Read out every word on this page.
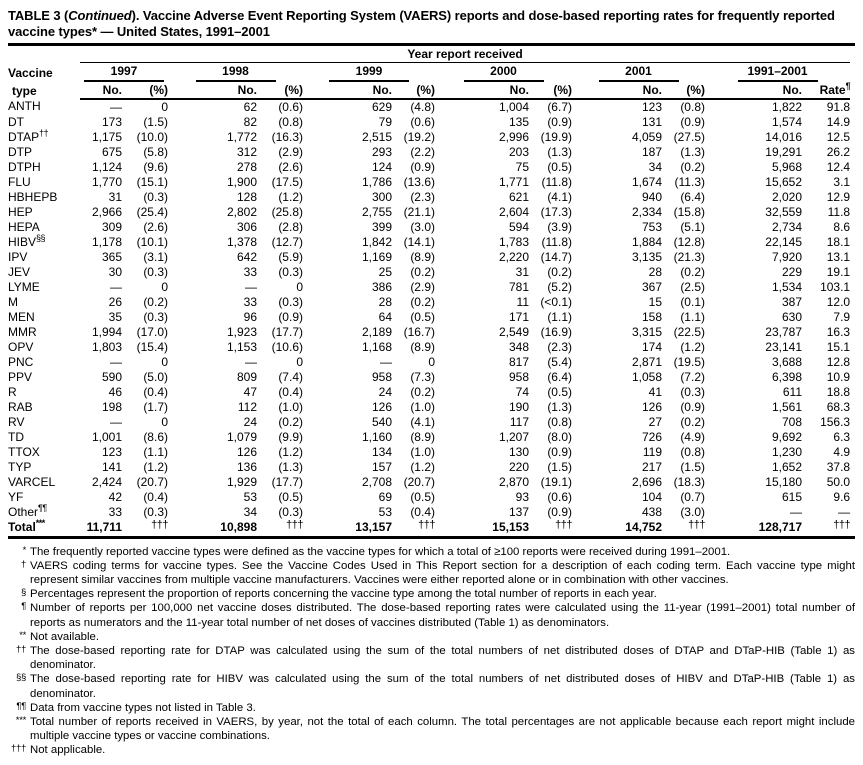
TABLE 3 (Continued). Vaccine Adverse Event Reporting System (VAERS) reports and dose-based reporting rates for frequently reported vaccine types* — United States, 1991–2001
	Year report received											

Vaccine
type	1997		1998		1999		2000		2001		1991–2001	
	No.	(%)	No.	(%)	No.	(%)	No.	(%)	No.	(%)	No.	Rate¶
ANTH	—	0	62	(0.6)	629	(4.8)	1,004	(6.7)	123	(0.8)	1,822	91.8
DT	173	(1.5)	82	(0.8)	79	(0.6)	135	(0.9)	131	(0.9)	1,574	14.9
DTAP††	1,175	(10.0)	1,772	(16.3)	2,515	(19.2)	2,996	(19.9)	4,059	(27.5)	14,016	12.5
DTP	675	(5.8)	312	(2.9)	293	(2.2)	203	(1.3)	187	(1.3)	19,291	26.2
DTPH	1,124	(9.6)	278	(2.6)	124	(0.9)	75	(0.5)	34	(0.2)	5,968	12.4
FLU	1,770	(15.1)	1,900	(17.5)	1,786	(13.6)	1,771	(11.8)	1,674	(11.3)	15,652	3.1
HBHEPB	31	(0.3)	128	(1.2)	300	(2.3)	621	(4.1)	940	(6.4)	2,020	12.9
HEP	2,966	(25.4)	2,802	(25.8)	2,755	(21.1)	2,604	(17.3)	2,334	(15.8)	32,559	11.8
HEPA	309	(2.6)	306	(2.8)	399	(3.0)	594	(3.9)	753	(5.1)	2,734	8.6
HIBV§§	1,178	(10.1)	1,378	(12.7)	1,842	(14.1)	1,783	(11.8)	1,884	(12.8)	22,145	18.1
IPV	365	(3.1)	642	(5.9)	1,169	(8.9)	2,220	(14.7)	3,135	(21.3)	7,920	13.1
JEV	30	(0.3)	33	(0.3)	25	(0.2)	31	(0.2)	28	(0.2)	229	19.1
LYME	—	0	—	0	386	(2.9)	781	(5.2)	367	(2.5)	1,534	103.1
M	26	(0.2)	33	(0.3)	28	(0.2)	11	(<0.1)	15	(0.1)	387	12.0
MEN	35	(0.3)	96	(0.9)	64	(0.5)	171	(1.1)	158	(1.1)	630	7.9
MMR	1,994	(17.0)	1,923	(17.7)	2,189	(16.7)	2,549	(16.9)	3,315	(22.5)	23,787	16.3
OPV	1,803	(15.4)	1,153	(10.6)	1,168	(8.9)	348	(2.3)	174	(1.2)	23,141	15.1
PNC	—	0	—	0	—	0	817	(5.4)	2,871	(19.5)	3,688	12.8
PPV	590	(5.0)	809	(7.4)	958	(7.3)	958	(6.4)	1,058	(7.2)	6,398	10.9
R	46	(0.4)	47	(0.4)	24	(0.2)	74	(0.5)	41	(0.3)	611	18.8
RAB	198	(1.7)	112	(1.0)	126	(1.0)	190	(1.3)	126	(0.9)	1,561	68.3
RV	—	0	24	(0.2)	540	(4.1)	117	(0.8)	27	(0.2)	708	156.3
TD	1,001	(8.6)	1,079	(9.9)	1,160	(8.9)	1,207	(8.0)	726	(4.9)	9,692	6.3
TTOX	123	(1.1)	126	(1.2)	134	(1.0)	130	(0.9)	119	(0.8)	1,230	4.9
TYP	141	(1.2)	136	(1.3)	157	(1.2)	220	(1.5)	217	(1.5)	1,652	37.8
VARCEL	2,424	(20.7)	1,929	(17.7)	2,708	(20.7)	2,870	(19.1)	2,696	(18.3)	15,180	50.0
YF	42	(0.4)	53	(0.5)	69	(0.5)	93	(0.6)	104	(0.7)	615	9.6
Other¶¶	33	(0.3)	34	(0.3)	53	(0.4)	137	(0.9)	438	(3.0)	—	—
Total***	11,711	†††	10,898	†††	13,157	†††	15,153	†††	14,752	†††	128,717	†††
* The frequently reported vaccine types were defined as the vaccine types for which a total of ≥100 reports were received during 1991–2001.
† VAERS coding terms for vaccine types. See the Vaccine Codes Used in This Report section for a description of each coding term. Each vaccine type might represent similar vaccines from multiple vaccine manufacturers. Vaccines were either reported alone or in combination with other vaccines.
§ Percentages represent the proportion of reports concerning the vaccine type among the total number of reports in each year.
¶ Number of reports per 100,000 net vaccine doses distributed. The dose-based reporting rates were calculated using the 11-year (1991–2001) total number of reports as numerators and the 11-year total number of net doses of vaccines distributed (Table 1) as denominators.
** Not available.
†† The dose-based reporting rate for DTAP was calculated using the sum of the total numbers of net distributed doses of DTAP and DTaP-HIB (Table 1) as denominator.
§§ The dose-based reporting rate for HIBV was calculated using the sum of the total numbers of net distributed doses of HIBV and DTaP-HIB (Table 1) as denominator.
¶¶ Data from vaccine types not listed in Table 3.
*** Total number of reports received in VAERS, by year, not the total of each column. The total percentages are not applicable because each report might include multiple vaccine types or vaccine combinations.
††† Not applicable.
